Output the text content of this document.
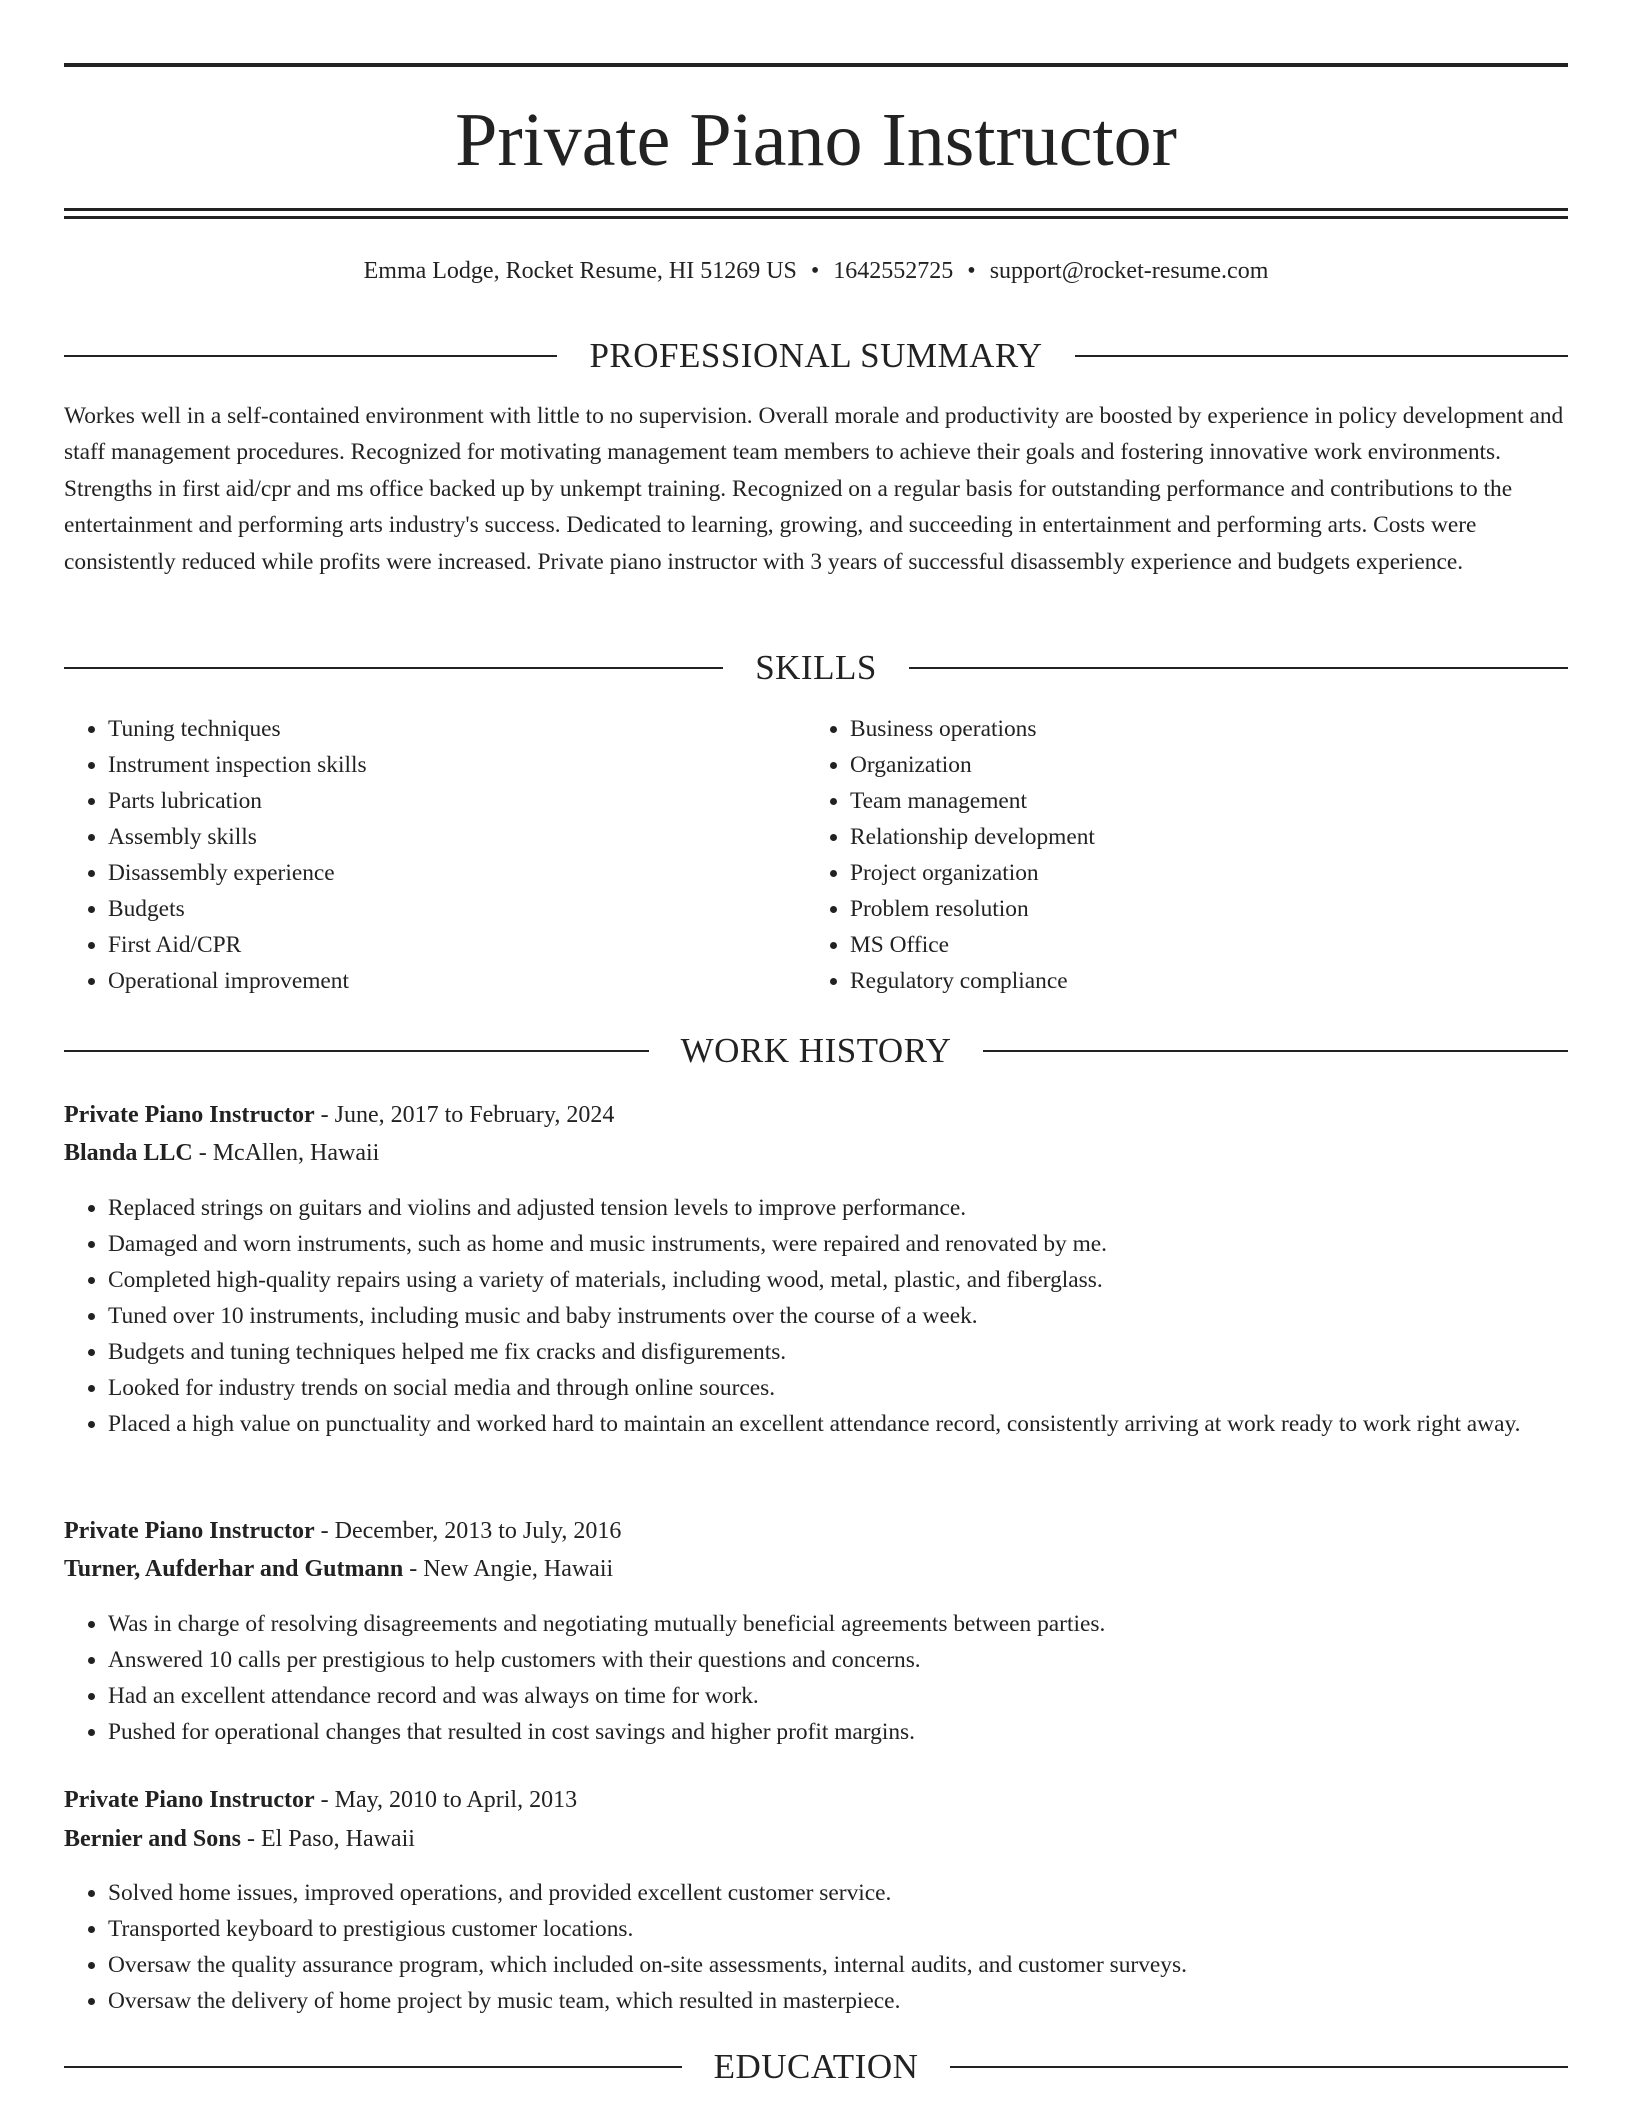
Private Piano Instructor
Emma Lodge, Rocket Resume, HI 51269 US • 1642552725 • support@rocket-resume.com
PROFESSIONAL SUMMARY

Workes well in a self-contained environment with little to no supervision. Overall morale and productivity are boosted by experience in policy development and staff management procedures. Recognized for motivating management team members to achieve their goals and fostering innovative work environments. Strengths in first aid/cpr and ms office backed up by unkempt training. Recognized on a regular basis for outstanding performance and contributions to the entertainment and performing arts industry's success. Dedicated to learning, growing, and succeeding in entertainment and performing arts. Costs were consistently reduced while profits were increased. Private piano instructor with 3 years of successful disassembly experience and budgets experience.

SKILLS
• Tuning techniques
• Instrument inspection skills
• Parts lubrication
• Assembly skills
• Disassembly experience
• Budgets
• First Aid/CPR
• Operational improvement
• Business operations
• Organization
• Team management
• Relationship development
• Project organization
• Problem resolution
• MS Office
• Regulatory compliance
WORK HISTORY
Private Piano Instructor - June, 2017 to February, 2024
Blanda LLC - McAllen, Hawaii
• Replaced strings on guitars and violins and adjusted tension levels to improve performance.
• Damaged and worn instruments, such as home and music instruments, were repaired and renovated by me.
• Completed high-quality repairs using a variety of materials, including wood, metal, plastic, and fiberglass.
• Tuned over 10 instruments, including music and baby instruments over the course of a week.
• Budgets and tuning techniques helped me fix cracks and disfigurements.
• Looked for industry trends on social media and through online sources.
• Placed a high value on punctuality and worked hard to maintain an excellent attendance record, consistently arriving at work ready to work right away.
Private Piano Instructor - December, 2013 to July, 2016
Turner, Aufderhar and Gutmann - New Angie, Hawaii
• Was in charge of resolving disagreements and negotiating mutually beneficial agreements between parties.
• Answered 10 calls per prestigious to help customers with their questions and concerns.
• Had an excellent attendance record and was always on time for work.
• Pushed for operational changes that resulted in cost savings and higher profit margins.
Private Piano Instructor - May, 2010 to April, 2013
Bernier and Sons - El Paso, Hawaii
• Solved home issues, improved operations, and provided excellent customer service.
• Transported keyboard to prestigious customer locations.
• Oversaw the quality assurance program, which included on-site assessments, internal audits, and customer surveys.
• Oversaw the delivery of home project by music team, which resulted in masterpiece.
EDUCATION
